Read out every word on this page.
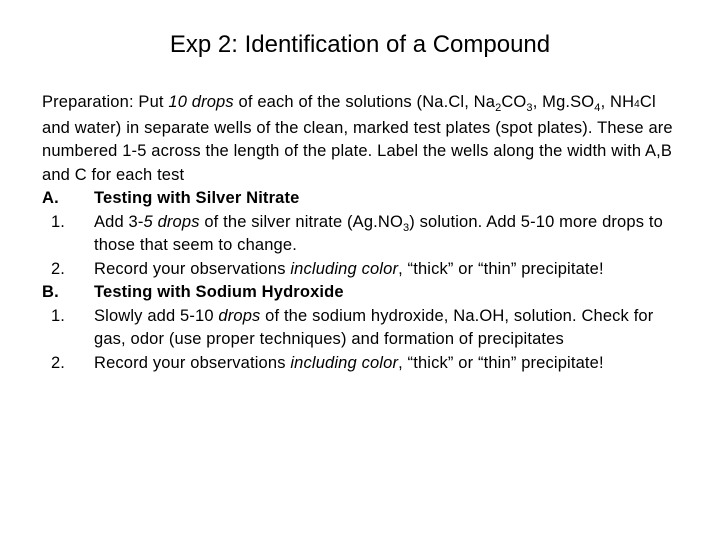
Exp 2: Identification of a Compound

Preparation: Put 10 drops of each of the solutions (Na.Cl, $Na_2CO_3$, $Mg.SO_4$, NH4Cl and water) in separate wells of the clean, marked test plates (spot plates). These are numbered 1-5 across the length of the plate. Label the wells along the width with A,B and C for each test

A.	Testing with Silver Nitrate
1. Add 3-5 drops of the silver nitrate $(Ag.NO_3)$ solution. Add 5-10 more drops to those that seem to change.
2. Record your observations including color, “thick” or “thin” precipitate!
B.	Testing with Sodium Hydroxide
1. Slowly add 5-10 drops of the sodium hydroxide, Na.OH, solution. Check for gas, odor (use proper techniques) and formation of precipitates
2. Record your observations including color, “thick” or “thin” precipitate!
